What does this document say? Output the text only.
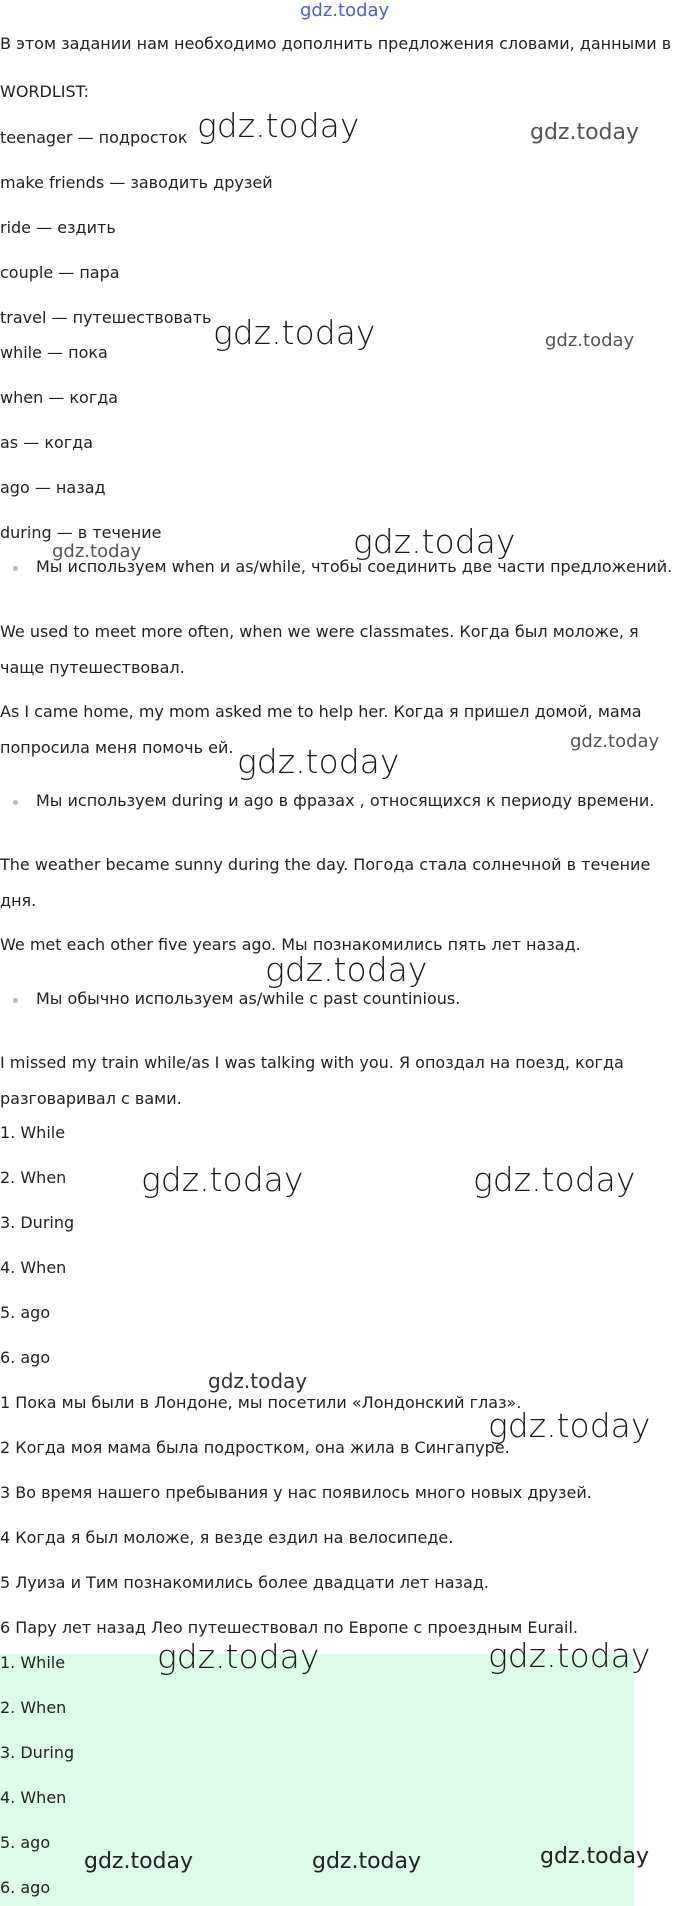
gdz.today
gdz.today	gdz.today
gdz.today	gdz.today
gdz.today
gdz.today
gdz.today
gdz.today
gdz.today
gdz.today	gdz.today
gdz.today
gdz.today
gdz.today	gdz.today
gdz.today	gdz.today	gdz.today
В этом задании нам необходимо дополнить предложения словами, данными в
WORDLIST:
teenager — подросток
make friends — заводить друзей
ride — ездить
couple — пара
travel — путешествовать
while — пока
when — когда
as — когда
ago — назад
during — в течение
Мы используем when и as/while, чтобы соединить две части предложений.
We used to meet more often, when we were classmates. Когда был моложе, я
чаще путешествовал.
As I came home, my mom asked me to help her. Когда я пришел домой, мама
попросила меня помочь ей.
Мы используем during и ago в фразах , относящихся к периоду времени.
The weather became sunny during the day. Погода стала солнечной в течение
дня.
We met each other five years ago. Мы познакомились пять лет назад.
Мы обычно используем as/while с past countinious.
I missed my train while/as I was talking with you. Я опоздал на поезд, когда
разговаривал с вами.
1. While
2. When
3. During
4. When
5. ago
6. ago
1 Пока мы были в Лондоне, мы посетили «Лондонский глаз».
2 Когда моя мама была подростком, она жила в Сингапуре.
3 Во время нашего пребывания у нас появилось много новых друзей.
4 Когда я был моложе, я везде ездил на велосипеде.
5 Луиза и Тим познакомились более двадцати лет назад.
6 Пару лет назад Лео путешествовал по Европе с проездным Eurail.
1. While
2. When
3. During
4. When
5. ago
6. ago
